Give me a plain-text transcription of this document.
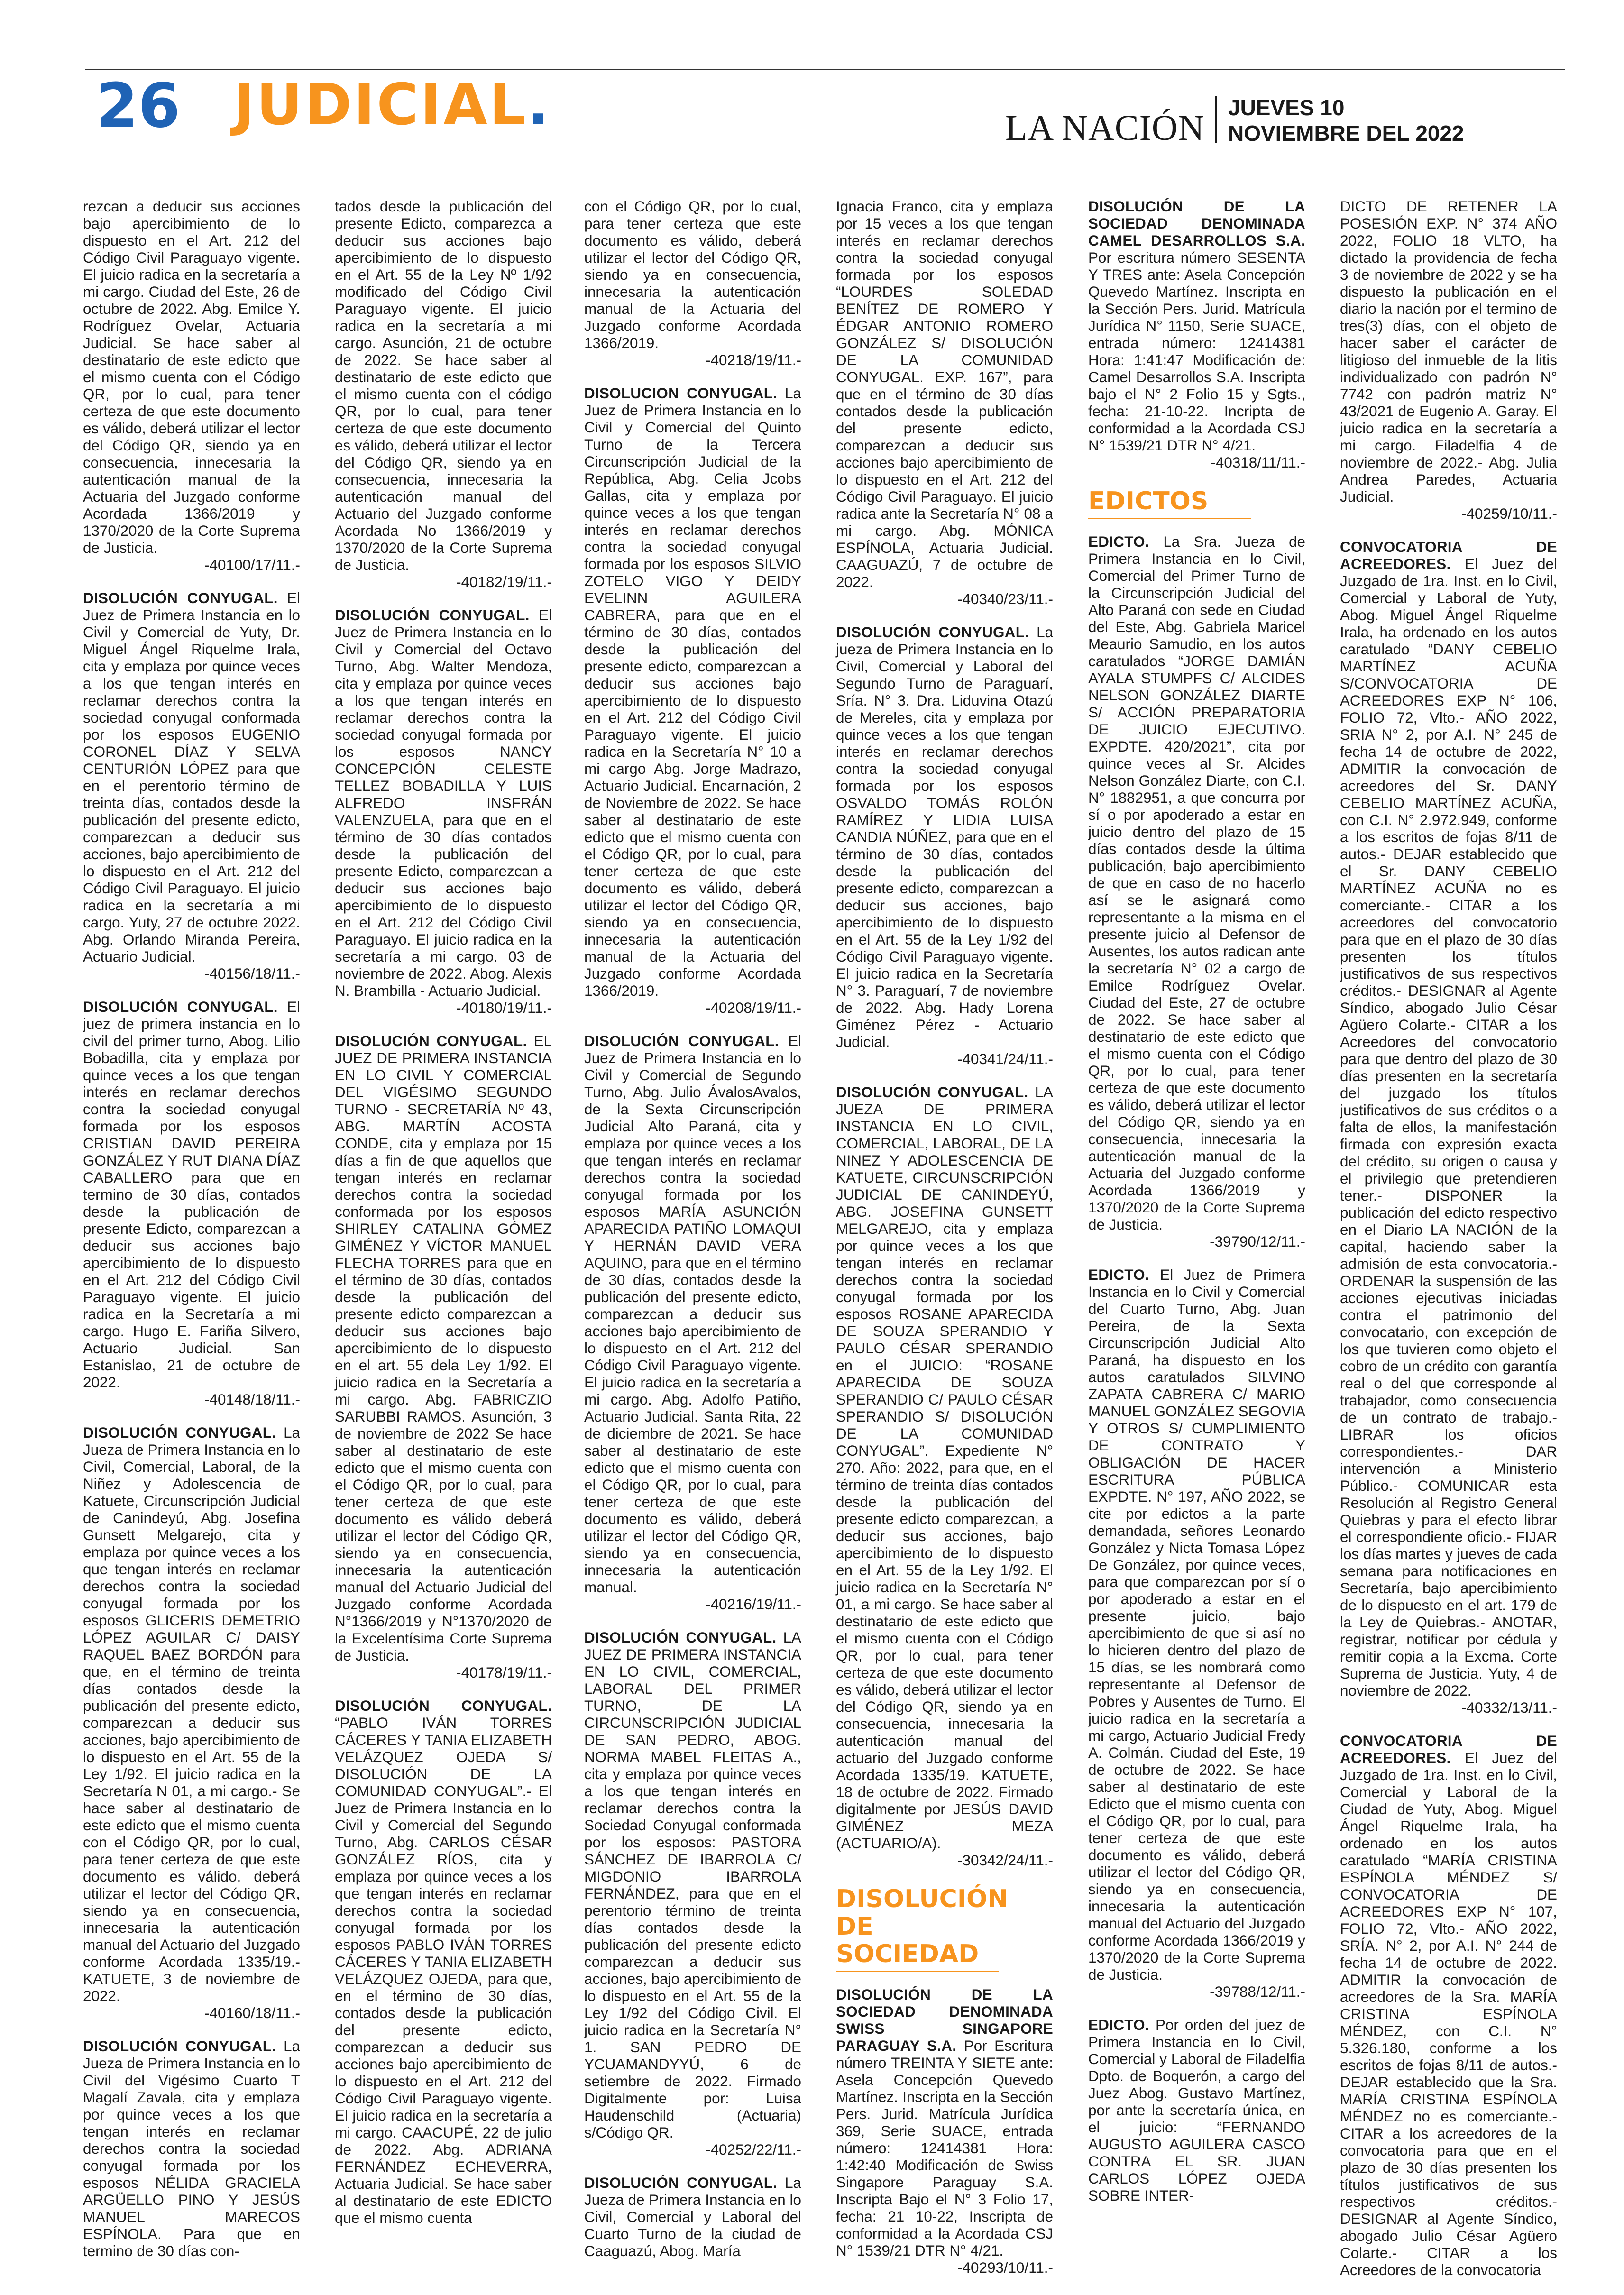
26 JUDICIAL.	LA NACIÓN
JUEVES 10
NOVIEMBRE DEL 2022

rezcan a deducir sus acciones bajo apercibimiento de lo dispuesto en el Art. 212 del Código Civil Paraguayo vigente. El juicio radica en la secretaría a mi cargo. Ciudad del Este, 26 de octubre de 2022. Abg. Emilce Y. Rodríguez Ovelar, Actuaria Judicial. Se hace saber al destinatario de este edicto que el mismo cuenta con el Código QR, por lo cual, para tener certeza de que este documento es válido, deberá utilizar el lector del Código QR, siendo ya en consecuencia, innecesaria la autenticación manual de la Actuaria del Juzgado conforme Acordada 1366/2019 y 1370/2020 de la Corte Suprema de Justicia.
-40100/17/11.-

DISOLUCIÓN CONYUGAL. El Juez de Primera Instancia en lo Civil y Comercial de Yuty, Dr. Miguel Ángel Riquelme Irala, cita y emplaza por quince veces a los que tengan interés en reclamar derechos contra la sociedad conyugal conformada por los esposos EUGENIO CORONEL DÍAZ Y SELVA CENTURIÓN LÓPEZ para que en el perentorio término de treinta días, contados desde la publicación del presente edicto, comparezcan a deducir sus acciones, bajo apercibimiento de lo dispuesto en el Art. 212 del Código Civil Paraguayo. El juicio radica en la secretaría a mi cargo. Yuty, 27 de octubre 2022. Abg. Orlando Miranda Pereira, Actuario Judicial.
-40156/18/11.-

DISOLUCIÓN CONYUGAL. El juez de primera instancia en lo civil del primer turno, Abog. Lilio Bobadilla, cita y emplaza por quince veces a los que tengan interés en reclamar derechos contra la sociedad conyugal formada por los esposos CRISTIAN DAVID PEREIRA GONZÁLEZ Y RUT DIANA DÍAZ CABALLERO para que en termino de 30 días, contados desde la publicación de presente Edicto, comparezcan a deducir sus acciones bajo apercibimiento de lo dispuesto en el Art. 212 del Código Civil Paraguayo vigente. El juicio radica en la Secretaría a mi cargo. Hugo E. Fariña Silvero, Actuario Judicial. San Estanislao, 21 de octubre de 2022.
-40148/18/11.-

DISOLUCIÓN CONYUGAL. La Jueza de Primera Instancia en lo Civil, Comercial, Laboral, de la Niñez y Adolescencia de Katuete, Circunscripción Judicial de Canindeyú, Abg. Josefina Gunsett Melgarejo, cita y emplaza por quince veces a los que tengan interés en reclamar derechos contra la sociedad conyugal formada por los esposos GLICERIS DEMETRIO LÓPEZ AGUILAR C/ DAISY RAQUEL BAEZ BORDÓN para que, en el término de treinta días contados desde la publicación del presente edicto, comparezcan a deducir sus acciones, bajo apercibimiento de lo dispuesto en el Art. 55 de la Ley 1/92. El juicio radica en la Secretaría N 01, a mi cargo.- Se hace saber al destinatario de este edicto que el mismo cuenta con el Código QR, por lo cual, para tener certeza de que este documento es válido, deberá utilizar el lector del Código QR, siendo ya en consecuencia, innecesaria la autenticación manual del Actuario del Juzgado conforme Acordada 1335/19.- KATUETE, 3 de noviembre de 2022.
-40160/18/11.-

DISOLUCIÓN CONYUGAL. La Jueza de Primera Instancia en lo Civil del Vigésimo Cuarto T Magalí Zavala, cita y emplaza por quince veces a los que tengan interés en reclamar derechos contra la sociedad conyugal formada por los esposos NÉLIDA GRACIELA ARGÜELLO PINO Y JESÚS MANUEL MARECOS ESPÍNOLA. Para que en termino de 30 días con-

tados desde la publicación del presente Edicto, comparezca a deducir sus acciones bajo apercibimiento de lo dispuesto en el Art. 55 de la Ley Nº 1/92 modificado del Código Civil Paraguayo vigente. El juicio radica en la secretaría a mi cargo. Asunción, 21 de octubre de 2022. Se hace saber al destinatario de este edicto que el mismo cuenta con el código QR, por lo cual, para tener certeza de que este documento es válido, deberá utilizar el lector del Código QR, siendo ya en consecuencia, innecesaria la autenticación manual del Actuario del Juzgado conforme Acordada No 1366/2019 y 1370/2020 de la Corte Suprema de Justicia.
-40182/19/11.-

DISOLUCIÓN CONYUGAL. El Juez de Primera Instancia en lo Civil y Comercial del Octavo Turno, Abg. Walter Mendoza, cita y emplaza por quince veces a los que tengan interés en reclamar derechos contra la sociedad conyugal formada por los esposos NANCY CONCEPCIÓN CELESTE TELLEZ BOBADILLA Y LUIS ALFREDO INSFRÁN VALENZUELA, para que en el término de 30 días contados desde la publicación del presente Edicto, comparezcan a deducir sus acciones bajo apercibimiento de lo dispuesto en el Art. 212 del Código Civil Paraguayo. El juicio radica en la secretaría a mi cargo. 03 de noviembre de 2022. Abog. Alexis N. Brambilla - Actuario Judicial.
-40180/19/11.-

DISOLUCIÓN CONYUGAL. EL JUEZ DE PRIMERA INSTANCIA EN LO CIVIL Y COMERCIAL DEL VIGÉSIMO SEGUNDO TURNO - SECRETARÍA Nº 43, ABG. MARTÍN ACOSTA CONDE, cita y emplaza por 15 días a fin de que aquellos que tengan interés en reclamar derechos contra la sociedad conformada por los esposos SHIRLEY CATALINA GÓMEZ GIMÉNEZ Y VÍCTOR MANUEL FLECHA TORRES para que en el término de 30 días, contados desde la publicación del presente edicto comparezcan a deducir sus acciones bajo apercibimiento de lo dispuesto en el art. 55 dela Ley 1/92. El juicio radica en la Secretaría a mi cargo. Abg. FABRICZIO SARUBBI RAMOS. Asunción, 3 de noviembre de 2022 Se hace saber al destinatario de este edicto que el mismo cuenta con el Código QR, por lo cual, para tener certeza de que este documento es válido deberá utilizar el lector del Código QR, siendo ya en consecuencia, innecesaria la autenticación manual del Actuario Judicial del Juzgado conforme Acordada N°1366/2019 y N°1370/2020 de la Excelentísima Corte Suprema de Justicia.
-40178/19/11.-

DISOLUCIÓN CONYUGAL. “PABLO IVÁN TORRES CÁCERES Y TANIA ELIZABETH VELÁZQUEZ OJEDA S/ DISOLUCIÓN DE LA COMUNIDAD CONYUGAL”.- El Juez de Primera Instancia en lo Civil y Comercial del Segundo Turno, Abg. CARLOS CÉSAR GONZÁLEZ RÍOS, cita y emplaza por quince veces a los que tengan interés en reclamar derechos contra la sociedad conyugal formada por los esposos PABLO IVÁN TORRES CÁCERES Y TANIA ELIZABETH VELÁZQUEZ OJEDA, para que, en el término de 30 días, contados desde la publicación del presente edicto, comparezcan a deducir sus acciones bajo apercibimiento de lo dispuesto en el Art. 212 del Código Civil Paraguayo vigente. El juicio radica en la secretaría a mi cargo. CAACUPÉ, 22 de julio de 2022. Abg. ADRIANA FERNÁNDEZ ECHEVERRA, Actuaria Judicial. Se hace saber al destinatario de este EDICTO que el mismo cuenta

con el Código QR, por lo cual, para tener certeza que este documento es válido, deberá utilizar el lector del Código QR, siendo ya en consecuencia, innecesaria la autenticación manual de la Actuaria del Juzgado conforme Acordada 1366/2019.
-40218/19/11.-

DISOLUCION CONYUGAL. La Juez de Primera Instancia en lo Civil y Comercial del Quinto Turno de la Tercera Circunscripción Judicial de la República, Abg. Celia Jcobs Gallas, cita y emplaza por quince veces a los que tengan interés en reclamar derechos contra la sociedad conyugal formada por los esposos SILVIO ZOTELO VIGO Y DEIDY EVELINN AGUILERA CABRERA, para que en el término de 30 días, contados desde la publicación del presente edicto, comparezcan a deducir sus acciones bajo apercibimiento de lo dispuesto en el Art. 212 del Código Civil Paraguayo vigente. El juicio radica en la Secretaría N° 10 a mi cargo Abg. Jorge Madrazo, Actuario Judicial. Encarnación, 2 de Noviembre de 2022. Se hace saber al destinatario de este edicto que el mismo cuenta con el Código QR, por lo cual, para tener certeza de que este documento es válido, deberá utilizar el lector del Código QR, siendo ya en consecuencia, innecesaria la autenticación manual de la Actuaria del Juzgado conforme Acordada 1366/2019.
-40208/19/11.-

DISOLUCIÓN CONYUGAL. El Juez de Primera Instancia en lo Civil y Comercial de Segundo Turno, Abg. Julio ÁvalosAvalos, de la Sexta Circunscripción Judicial Alto Paraná, cita y emplaza por quince veces a los que tengan interés en reclamar derechos contra la sociedad conyugal formada por los esposos MARÍA ASUNCIÓN APARECIDA PATIÑO LOMAQUI Y HERNÁN DAVID VERA AQUINO, para que en el término de 30 días, contados desde la publicación del presente edicto, comparezcan a deducir sus acciones bajo apercibimiento de lo dispuesto en el Art. 212 del Código Civil Paraguayo vigente. El juicio radica en la secretaría a mi cargo. Abg. Adolfo Patiño, Actuario Judicial. Santa Rita, 22 de diciembre de 2021. Se hace saber al destinatario de este edicto que el mismo cuenta con el Código QR, por lo cual, para tener certeza de que este documento es válido, deberá utilizar el lector del Código QR, siendo ya en consecuencia, innecesaria la autenticación manual.
-40216/19/11.-

DISOLUCIÓN CONYUGAL. LA JUEZ DE PRIMERA INSTANCIA EN LO CIVIL, COMERCIAL, LABORAL DEL PRIMER TURNO, DE LA CIRCUNSCRIPCIÓN JUDICIAL DE SAN PEDRO, ABOG. NORMA MABEL FLEITAS A., cita y emplaza por quince veces a los que tengan interés en reclamar derechos contra la Sociedad Conyugal conformada por los esposos: PASTORA SÁNCHEZ DE IBARROLA C/ MIGDONIO IBARROLA FERNÁNDEZ, para que en el perentorio término de treinta días contados desde la publicación del presente edicto comparezcan a deducir sus acciones, bajo apercibimiento de lo dispuesto en el Art. 55 de la Ley 1/92 del Código Civil. El juicio radica en la Secretaría N° 1. SAN PEDRO DE YCUAMANDYYÚ, 6 de setiembre de 2022. Firmado Digitalmente por: Luisa Haudenschild (Actuaria) s/Código QR.
-40252/22/11.-

DISOLUCIÓN CONYUGAL. La Jueza de Primera Instancia en lo Civil, Comercial y Laboral del Cuarto Turno de la ciudad de Caaguazú, Abog. María

Ignacia Franco, cita y emplaza por 15 veces a los que tengan interés en reclamar derechos contra la sociedad conyugal formada por los esposos “LOURDES SOLEDAD BENÍTEZ DE ROMERO Y ÉDGAR ANTONIO ROMERO GONZÁLEZ S/ DISOLUCIÓN DE LA COMUNIDAD CONYUGAL. EXP. 167”, para que en el término de 30 días contados desde la publicación del presente edicto, comparezcan a deducir sus acciones bajo apercibimiento de lo dispuesto en el Art. 212 del Código Civil Paraguayo. El juicio radica ante la Secretaría N° 08 a mi cargo. Abg. MÓNICA ESPÍNOLA, Actuaria Judicial. CAAGUAZÚ, 7 de octubre de 2022.
-40340/23/11.-

DISOLUCIÓN CONYUGAL. La jueza de Primera Instancia en lo Civil, Comercial y Laboral del Segundo Turno de Paraguarí, Sría. N° 3, Dra. Liduvina Otazú de Mereles, cita y emplaza por quince veces a los que tengan interés en reclamar derechos contra la sociedad conyugal formada por los esposos OSVALDO TOMÁS ROLÓN RAMÍREZ Y LIDIA LUISA CANDIA NÚÑEZ, para que en el término de 30 días, contados desde la publicación del presente edicto, comparezcan a deducir sus acciones, bajo apercibimiento de lo dispuesto en el Art. 55 de la Ley 1/92 del Código Civil Paraguayo vigente. El juicio radica en la Secretaría N° 3. Paraguarí, 7 de noviembre de 2022. Abg. Hady Lorena Giménez Pérez - Actuario Judicial.
-40341/24/11.-

DISOLUCIÓN CONYUGAL. LA JUEZA DE PRIMERA INSTANCIA EN LO CIVIL, COMERCIAL, LABORAL, DE LA NINEZ Y ADOLESCENCIA DE KATUETE, CIRCUNSCRIPCIÓN JUDICIAL DE CANINDEYÚ, ABG. JOSEFINA GUNSETT MELGAREJO, cita y emplaza por quince veces a los que tengan interés en reclamar derechos contra la sociedad conyugal formada por los esposos ROSANE APARECIDA DE SOUZA SPERANDIO Y PAULO CÉSAR SPERANDIO en el JUICIO: “ROSANE APARECIDA DE SOUZA SPERANDIO C/ PAULO CÉSAR SPERANDIO S/ DISOLUCIÓN DE LA COMUNIDAD CONYUGAL”. Expediente N° 270. Año: 2022, para que, en el término de treinta días contados desde la publicación del presente edicto comparezcan, a deducir sus acciones, bajo apercibimiento de lo dispuesto en el Art. 55 de la Ley 1/92. El juicio radica en la Secretaría N° 01, a mi cargo. Se hace saber al destinatario de este edicto que el mismo cuenta con el Código QR, por lo cual, para tener certeza de que este documento es válido, deberá utilizar el lector del Código QR, siendo ya en consecuencia, innecesaria la autenticación manual del actuario del Juzgado conforme Acordada 1335/19. KATUETE, 18 de octubre de 2022. Firmado digitalmente por JESÚS DAVID GIMÉNEZ MEZA (ACTUARIO/A).
-30342/24/11.-

DISOLUCIÓN
DE SOCIEDAD

DISOLUCIÓN DE LA SOCIEDAD DENOMINADA SWISS SINGAPORE PARAGUAY S.A. Por Escritura número TREINTA Y SIETE ante: Asela Concepción Quevedo Martínez. Inscripta en la Sección Pers. Jurid. Matrícula Jurídica 369, Serie SUACE, entrada número: 12414381 Hora: 1:42:40 Modificación de Swiss Singapore Paraguay S.A. Inscripta Bajo el N° 3 Folio 17, fecha: 21 10-22, Inscripta de conformidad a la Acordada CSJ N° 1539/21 DTR N° 4/21.
-40293/10/11.-

DISOLUCIÓN DE LA SOCIEDAD DENOMINADA CAMEL DESARROLLOS S.A. Por escritura número SESENTA Y TRES ante: Asela Concepción Quevedo Martínez. Inscripta en la Sección Pers. Jurid. Matrícula Jurídica N° 1150, Serie SUACE, entrada número: 12414381 Hora: 1:41:47 Modificación de: Camel Desarrollos S.A. Inscripta bajo el N° 2 Folio 15 y Sgts., fecha: 21-10-22. Incripta de conformidad a la Acordada CSJ N° 1539/21 DTR N° 4/21.
-40318/11/11.-

EDICTOS

EDICTO. La Sra. Jueza de Primera Instancia en lo Civil, Comercial del Primer Turno de la Circunscripción Judicial del Alto Paraná con sede en Ciudad del Este, Abg. Gabriela Maricel Meaurio Samudio, en los autos caratulados “JORGE DAMIÁN AYALA STUMPFS C/ ALCIDES NELSON GONZÁLEZ DIARTE S/ ACCIÓN PREPARATORIA DE JUICIO EJECUTIVO. EXPDTE. 420/2021”, cita por quince veces al Sr. Alcides Nelson González Diarte, con C.I. N° 1882951, a que concurra por sí o por apoderado a estar en juicio dentro del plazo de 15 días contados desde la última publicación, bajo apercibimiento de que en caso de no hacerlo así se le asignará como representante a la misma en el presente juicio al Defensor de Ausentes, los autos radican ante la secretaría N° 02 a cargo de Emilce Rodríguez Ovelar. Ciudad del Este, 27 de octubre de 2022. Se hace saber al destinatario de este edicto que el mismo cuenta con el Código QR, por lo cual, para tener certeza de que este documento es válido, deberá utilizar el lector del Código QR, siendo ya en consecuencia, innecesaria la autenticación manual de la Actuaria del Juzgado conforme Acordada 1366/2019 y 1370/2020 de la Corte Suprema de Justicia.
-39790/12/11.-

EDICTO. El Juez de Primera Instancia en lo Civil y Comercial del Cuarto Turno, Abg. Juan Pereira, de la Sexta Circunscripción Judicial Alto Paraná, ha dispuesto en los autos caratulados SILVINO ZAPATA CABRERA C/ MARIO MANUEL GONZÁLEZ SEGOVIA Y OTROS S/ CUMPLIMIENTO DE CONTRATO Y OBLIGACIÓN DE HACER ESCRITURA PÚBLICA EXPDTE. N° 197, AÑO 2022, se cite por edictos a la parte demandada, señores Leonardo González y Nicta Tomasa López De González, por quince veces, para que comparezcan por sí o por apoderado a estar en el presente juicio, bajo apercibimiento de que si así no lo hicieren dentro del plazo de 15 días, se les nombrará como representante al Defensor de Pobres y Ausentes de Turno. El juicio radica en la secretaría a mi cargo, Actuario Judicial Fredy A. Colmán. Ciudad del Este, 19 de octubre de 2022. Se hace saber al destinatario de este Edicto que el mismo cuenta con el Código QR, por lo cual, para tener certeza de que este documento es válido, deberá utilizar el lector del Código QR, siendo ya en consecuencia, innecesaria la autenticación manual del Actuario del Juzgado conforme Acordada 1366/2019 y 1370/2020 de la Corte Suprema de Justicia.
-39788/12/11.-

EDICTO. Por orden del juez de Primera Instancia en lo Civil, Comercial y Laboral de Filadelfia Dpto. de Boquerón, a cargo del Juez Abog. Gustavo Martínez, por ante la secretaría única, en el juicio: “FERNANDO AUGUSTO AGUILERA CASCO CONTRA EL SR. JUAN CARLOS LÓPEZ OJEDA SOBRE INTER-

DICTO DE RETENER LA POSESIÓN EXP. N° 374 AÑO 2022, FOLIO 18 VLTO, ha dictado la providencia de fecha 3 de noviembre de 2022 y se ha dispuesto la publicación en el diario la nación por el termino de tres(3) días, con el objeto de hacer saber el carácter de litigioso del inmueble de la litis individualizado con padrón N° 7742 con padrón matriz N° 43/2021 de Eugenio A. Garay. El juicio radica en la secretaría a mi cargo. Filadelfia 4 de noviembre de 2022.- Abg. Julia Andrea Paredes, Actuaria Judicial.
-40259/10/11.-

CONVOCATORIA DE ACREEDORES. El Juez del Juzgado de 1ra. Inst. en lo Civil, Comercial y Laboral de Yuty, Abog. Miguel Ángel Riquelme Irala, ha ordenado en los autos caratulado “DANY CEBELIO MARTÍNEZ ACUÑA S/CONVOCATORIA DE ACREEDORES EXP N° 106, FOLIO 72, Vlto.- AÑO 2022, SRIA N° 2, por A.I. N° 245 de fecha 14 de octubre de 2022, ADMITIR la convocación de acreedores del Sr. DANY CEBELIO MARTÍNEZ ACUÑA, con C.I. N° 2.972.949, conforme a los escritos de fojas 8/11 de autos.- DEJAR establecido que el Sr. DANY CEBELIO MARTÍNEZ ACUÑA no es comerciante.- CITAR a los acreedores del convocatorio para que en el plazo de 30 días presenten los títulos justificativos de sus respectivos créditos.- DESIGNAR al Agente Síndico, abogado Julio César Agüero Colarte.- CITAR a los Acreedores del convocatorio para que dentro del plazo de 30 días presenten en la secretaría del juzgado los títulos justificativos de sus créditos o a falta de ellos, la manifestación firmada con expresión exacta del crédito, su origen o causa y el privilegio que pretendieren tener.- DISPONER la publicación del edicto respectivo en el Diario LA NACIÓN de la capital, haciendo saber la admisión de esta convocatoria.- ORDENAR la suspensión de las acciones ejecutivas iniciadas contra el patrimonio del convocatario, con excepción de los que tuvieren como objeto el cobro de un crédito con garantía real o del que corresponde al trabajador, como consecuencia de un contrato de trabajo.- LIBRAR los oficios correspondientes.- DAR intervención a Ministerio Público.- COMUNICAR esta Resolución al Registro General Quiebras y para el efecto librar el correspondiente oficio.- FIJAR los días martes y jueves de cada semana para notificaciones en Secretaría, bajo apercibimiento de lo dispuesto en el art. 179 de la Ley de Quiebras.- ANOTAR, registrar, notificar por cédula y remitir copia a la Excma. Corte Suprema de Justicia. Yuty, 4 de noviembre de 2022.
-40332/13/11.-

CONVOCATORIA DE ACREEDORES. El Juez del Juzgado de 1ra. Inst. en lo Civil, Comercial y Laboral de la Ciudad de Yuty, Abog. Miguel Ángel Riquelme Irala, ha ordenado en los autos caratulado “MARÍA CRISTINA ESPÍNOLA MÉNDEZ S/ CONVOCATORIA DE ACREEDORES EXP N° 107, FOLIO 72, Vlto.- AÑO 2022, SRÍA. N° 2, por A.I. N° 244 de fecha 14 de octubre de 2022. ADMITIR la convocación de acreedores de la Sra. MARÍA CRISTINA ESPÍNOLA MÉNDEZ, con C.I. N° 5.326.180, conforme a los escritos de fojas 8/11 de autos.- DEJAR establecido que la Sra. MARÍA CRISTINA ESPÍNOLA MÉNDEZ no es comerciante.- CITAR a los acreedores de la convocatoria para que en el plazo de 30 días presenten los títulos justificativos de sus respectivos créditos.- DESIGNAR al Agente Síndico, abogado Julio César Agüero Colarte.- CITAR a los Acreedores de la convocatoria
